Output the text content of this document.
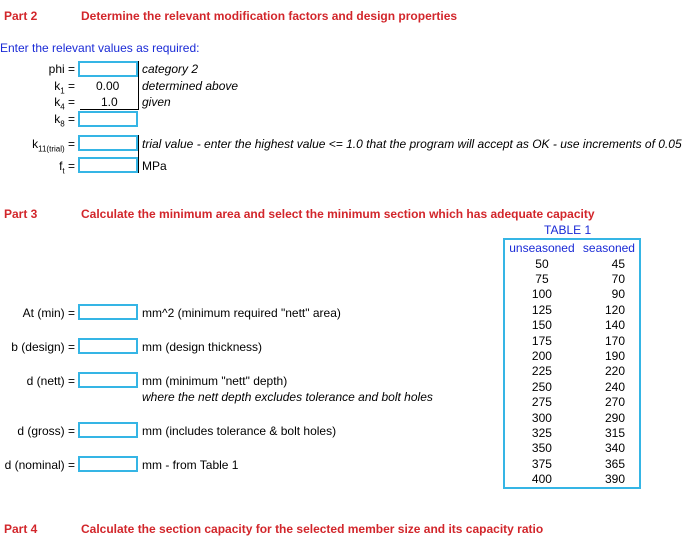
Part 2	Determine the relevant modification factors and design properties
Enter the relevant values as required:
phi =	category 2
$k_1 = 0.00$ determined above
$k_4 = 1.0$ given
$k_8$ =
$k_{11(trial)}$ =	trial value - enter the highest value <= 1.0 that the program will accept as OK - use increments of 0.05
$f_t$ =	MPa
Part 3	Calculate the minimum area and select the minimum section which has adequate capacity
At (min) =	mm^2 (minimum required "nett" area)
b (design) =	mm (design thickness)
d (nett) =	mm (minimum "nett" depth)
where the nett depth excludes tolerance and bolt holes
d (gross) =	mm (includes tolerance & bolt holes)
d (nominal) =	mm - from Table 1
TABLE 1
unseasoned	seasoned
50	45
75	70
100	90
125	120
150	140
175	170
200	190
225	220
250	240
275	270
300	290
325	315
350	340
375	365
400	390
Part 4	Calculate the section capacity for the selected member size and its capacity ratio
